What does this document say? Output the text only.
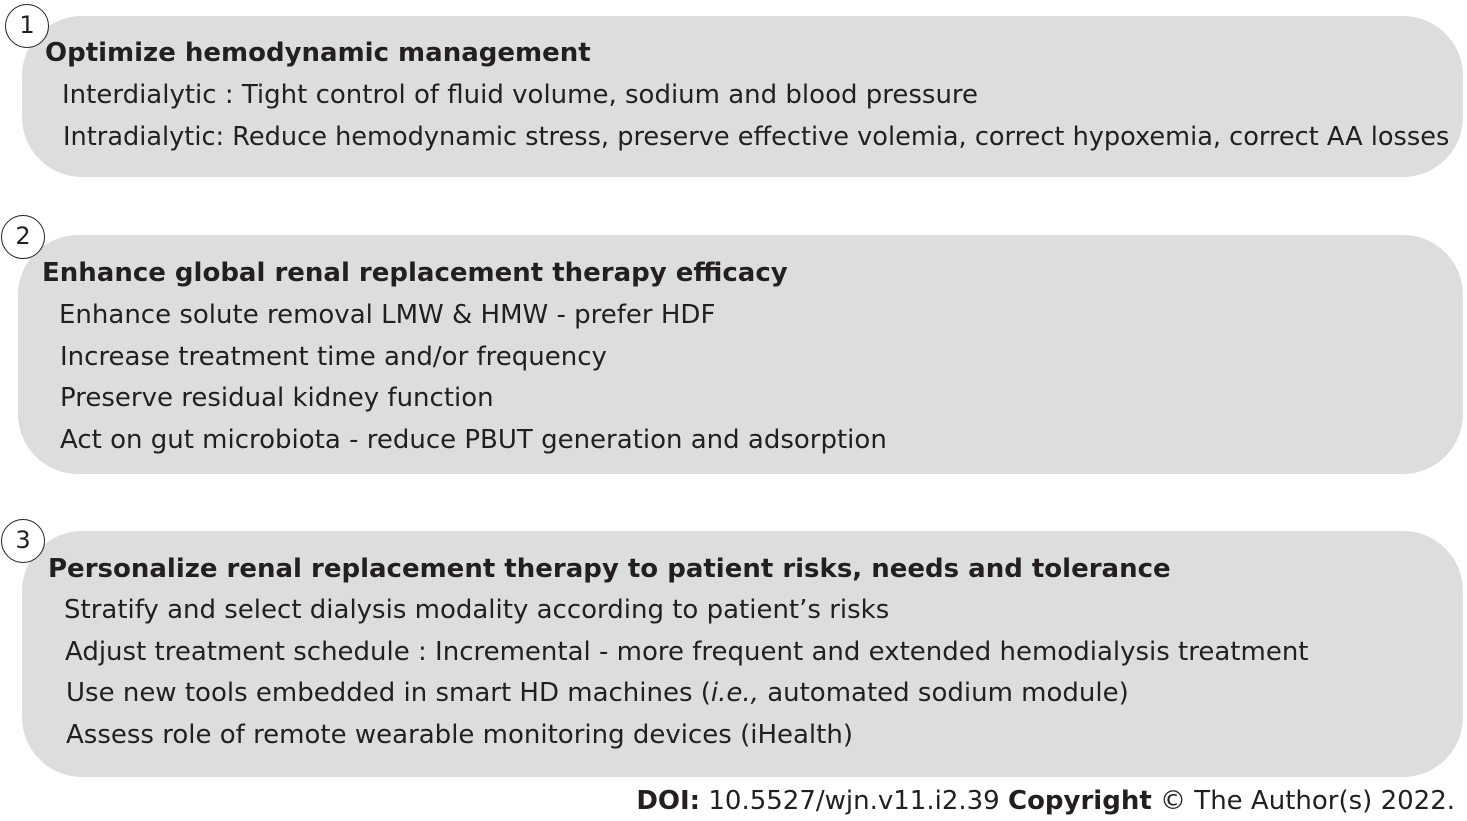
1
Optimize hemodynamic management
Interdialytic : Tight control of fluid volume, sodium and blood pressure
Intradialytic: Reduce hemodynamic stress, preserve effective volemia, correct hypoxemia, correct AA losses
2
Enhance global renal replacement therapy efficacy
Enhance solute removal LMW & HMW - prefer HDF
Increase treatment time and/or frequency
Preserve residual kidney function
Act on gut microbiota - reduce PBUT generation and adsorption
3
Personalize renal replacement therapy to patient risks, needs and tolerance
Stratify and select dialysis modality according to patient’s risks
Adjust treatment schedule : Incremental - more frequent and extended hemodialysis treatment
Use new tools embedded in smart HD machines (i.e., automated sodium module)
Assess role of remote wearable monitoring devices (iHealth)
DOI: 10.5527/wjn.v11.i2.39 Copyright © The Author(s) 2022.
